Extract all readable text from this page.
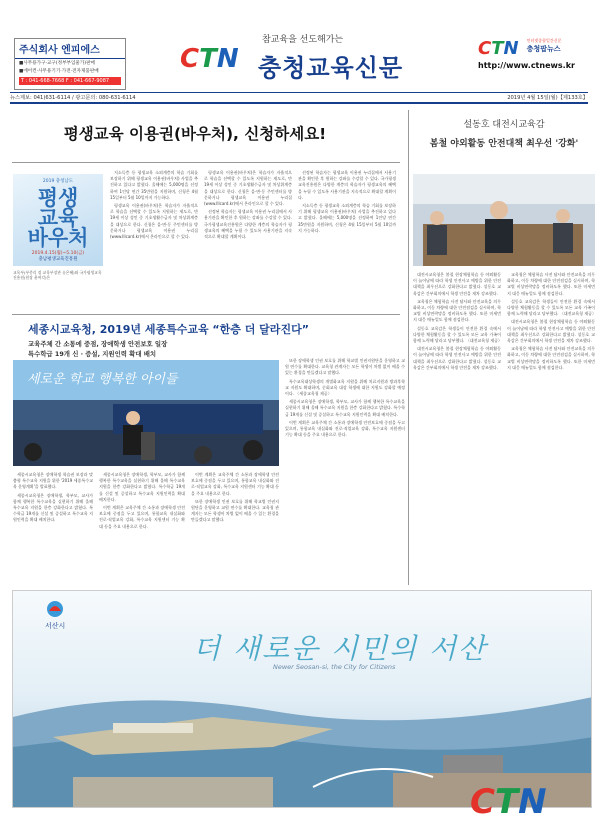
주식회사 엔피에스
■사무용가구·교구(정부부입물가)판매
■에어컨·사무용기기·가전·전자제품판매
T : 041-668-7668 F : 041-667-9087
참교육을 선도해가는
CTN 충청교육신문
CTN 인터넷종합일간신문
충청팝뉴스
http://www.ctnews.kr
뉴스제보: 041)631-6114 / 광고문의: 080-631-6114	2019년 4월 15일(월)【제133호】
평생교육 이용권(바우처), 신청하세요!
2019 충청남도
평생
교육
바우처
2019.4.15(월)~5.10(금)
충남평생교육진흥원
교육부(부총리 겸 교육부장관 유은혜)와 국가평생교육진흥원(원장 윤여각)은

저소득층 등 평생교육 소외계층의 학습 기회를 보장하기 위해 평생교육 이용권(바우처) 사업을 추진하고 있다고 밝혔다. 올해에는 5,000명을 선정하여 1인당 연간 35만원을 지원하며, 신청은 4월 15일부터 5월 10일까지 가능하다.

평생교육 이용권(바우처)은 학습자가 자율적으로 학습을 선택할 수 있도록 지원하는 제도로, 만 19세 이상 성인 중 기초생활수급자 및 차상위계층을 대상으로 한다. 신청은 읍·면·동 주민센터를 방문하거나 평생교육 이용권 누리집(www.lllcard.kr)에서 온라인으로 할 수 있다.

평생교육 이용권(바우처)은 학습자가 자율적으로 학습을 선택할 수 있도록 지원하는 제도로, 만 19세 이상 성인 중 기초생활수급자 및 차상위계층을 대상으로 한다. 신청은 읍·면·동 주민센터를 방문하거나 평생교육 이용권 누리집(www.lllcard.kr)에서 온라인으로 할 수 있다.

선정된 학습자는 평생교육 이용권 누리집에서 사용기관을 확인한 후 원하는 강좌를 수강할 수 있다. 국가평생교육진흥원은 다양한 계층의 학습자가 평생교육의 혜택을 누릴 수 있도록 사용기관을 지속적으로 확대할 계획이다.

선정된 학습자는 평생교육 이용권 누리집에서 사용기관을 확인한 후 원하는 강좌를 수강할 수 있다. 국가평생교육진흥원은 다양한 계층의 학습자가 평생교육의 혜택을 누릴 수 있도록 사용기관을 지속적으로 확대할 계획이다.

저소득층 등 평생교육 소외계층의 학습 기회를 보장하기 위해 평생교육 이용권(바우처) 사업을 추진하고 있다고 밝혔다. 올해에는 5,000명을 선정하여 1인당 연간 35만원을 지원하며, 신청은 4월 15일부터 5월 10일까지 가능하다.

세종시교육청, 2019년 세종특수교육 “한층 더 달라진다”
교육주체 간 소통에 중점, 장애학생 안전보호 일장
특수학급 19개 신 · 증설, 지원인력 확대 배치
세로운 학교 행복한 아이들

세종시교육청은 장애학생 학습권 보장과 맞춤형 특수교육 지원을 위한 '2019 세종특수교육 운영계획'을 발표했다.

세종시교육청은 장애학생, 학부모, 교사가 함께 행복한 특수교육을 실현하기 위해 올해 특수교육 지원을 한층 강화한다고 밝혔다. 특수학급 19개를 신설 및 증설하고 특수교육 지원인력을 확대 배치한다.

세종시교육청은 장애학생, 학부모, 교사가 함께 행복한 특수교육을 실현하기 위해 올해 특수교육 지원을 한층 강화한다고 밝혔다. 특수학급 19개를 신설 및 증설하고 특수교육 지원인력을 확대 배치한다.

이번 계획은 교육주체 간 소통과 장애학생 안전보호에 중점을 두고 있으며, 통합교육 내실화와 진로·직업교육 강화, 특수교육 지원센터 기능 확대 등을 주요 내용으로 한다.

이번 계획은 교육주체 간 소통과 장애학생 안전보호에 중점을 두고 있으며, 통합교육 내실화와 진로·직업교육 강화, 특수교육 지원센터 기능 확대 등을 주요 내용으로 한다.

또한 장애학생 인권 보호를 위해 학교별 인권지원단을 운영하고 교원 연수를 확대한다. 교육청 관계자는 모든 학생이 차별 없이 배울 수 있는 환경을 만들겠다고 말했다.

또한 장애학생 인권 보호를 위해 학교별 인권지원단을 운영하고 교원 연수를 확대한다. 교육청 관계자는 모든 학생이 차별 없이 배울 수 있는 환경을 만들겠다고 말했다.

특수교육대상학생의 개별화교육 지원을 위해 치료지원과 방과후학교 지원도 확대하며, 순회교육 대상 학생에 대한 지원도 강화할 예정이다. 〈세종교육청 제공〉

세종시교육청은 장애학생, 학부모, 교사가 함께 행복한 특수교육을 실현하기 위해 올해 특수교육 지원을 한층 강화한다고 밝혔다. 특수학급 19개를 신설 및 증설하고 특수교육 지원인력을 확대 배치한다.

이번 계획은 교육주체 간 소통과 장애학생 안전보호에 중점을 두고 있으며, 통합교육 내실화와 진로·직업교육 강화, 특수교육 지원센터 기능 확대 등을 주요 내용으로 한다.

설동호 대전시교육감
봄철 야외활동 안전대책 최우선 '강화'

대전시교육청은 봄철 현장체험학습 등 야외활동이 늘어남에 따라 학생 안전사고 예방을 위한 안전대책을 최우선으로 강화한다고 밝혔다. 설동호 교육감은 간부회의에서 학생 안전을 재차 강조했다.

교육청은 체험학습 사전 답사와 안전교육을 의무화하고, 이동 차량에 대한 안전점검을 실시하며, 학교별 비상연락망을 정비하도록 했다. 또한 미세먼지 대응 매뉴얼도 함께 점검한다.

설동호 교육감은 학생들이 안전한 환경 속에서 다양한 체험활동을 할 수 있도록 모든 교육 가족이 함께 노력해 달라고 당부했다. 〈대전교육청 제공〉

대전시교육청은 봄철 현장체험학습 등 야외활동이 늘어남에 따라 학생 안전사고 예방을 위한 안전대책을 최우선으로 강화한다고 밝혔다. 설동호 교육감은 간부회의에서 학생 안전을 재차 강조했다.

교육청은 체험학습 사전 답사와 안전교육을 의무화하고, 이동 차량에 대한 안전점검을 실시하며, 학교별 비상연락망을 정비하도록 했다. 또한 미세먼지 대응 매뉴얼도 함께 점검한다.

설동호 교육감은 학생들이 안전한 환경 속에서 다양한 체험활동을 할 수 있도록 모든 교육 가족이 함께 노력해 달라고 당부했다. 〈대전교육청 제공〉

대전시교육청은 봄철 현장체험학습 등 야외활동이 늘어남에 따라 학생 안전사고 예방을 위한 안전대책을 최우선으로 강화한다고 밝혔다. 설동호 교육감은 간부회의에서 학생 안전을 재차 강조했다.

교육청은 체험학습 사전 답사와 안전교육을 의무화하고, 이동 차량에 대한 안전점검을 실시하며, 학교별 비상연락망을 정비하도록 했다. 또한 미세먼지 대응 매뉴얼도 함께 점검한다.

서산시
더 새로운 시민의 서산
Newer Seosan-si, the City for Citizens
CTN
